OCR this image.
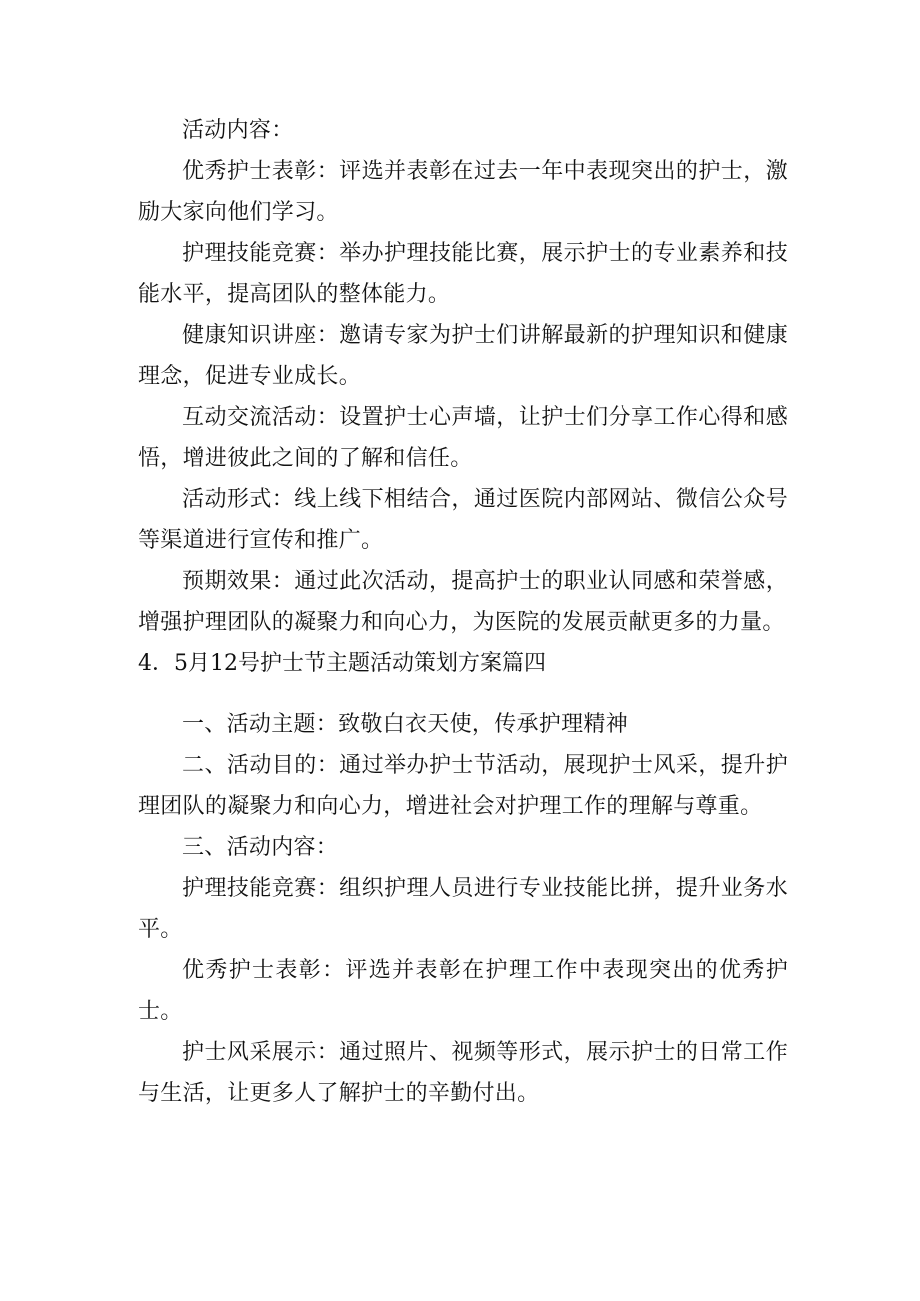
活动内容：

优秀护士表彰：评选并表彰在过去一年中表现突出的护士，激励大家向他们学习。

护理技能竞赛：举办护理技能比赛，展示护士的专业素养和技能水平，提高团队的整体能力。

健康知识讲座：邀请专家为护士们讲解最新的护理知识和健康理念，促进专业成长。

互动交流活动：设置护士心声墙，让护士们分享工作心得和感悟，增进彼此之间的了解和信任。

活动形式：线上线下相结合，通过医院内部网站、微信公众号等渠道进行宣传和推广。

预期效果：通过此次活动，提高护士的职业认同感和荣誉感，增强护理团队的凝聚力和向心力，为医院的发展贡献更多的力量。

4．5月12号护士节主题活动策划方案篇四

一、活动主题：致敬白衣天使，传承护理精神

二、活动目的：通过举办护士节活动，展现护士风采，提升护理团队的凝聚力和向心力，增进社会对护理工作的理解与尊重。

三、活动内容：

护理技能竞赛：组织护理人员进行专业技能比拼，提升业务水平。

优秀护士表彰：评选并表彰在护理工作中表现突出的优秀护士。

护士风采展示：通过照片、视频等形式，展示护士的日常工作与生活，让更多人了解护士的辛勤付出。
